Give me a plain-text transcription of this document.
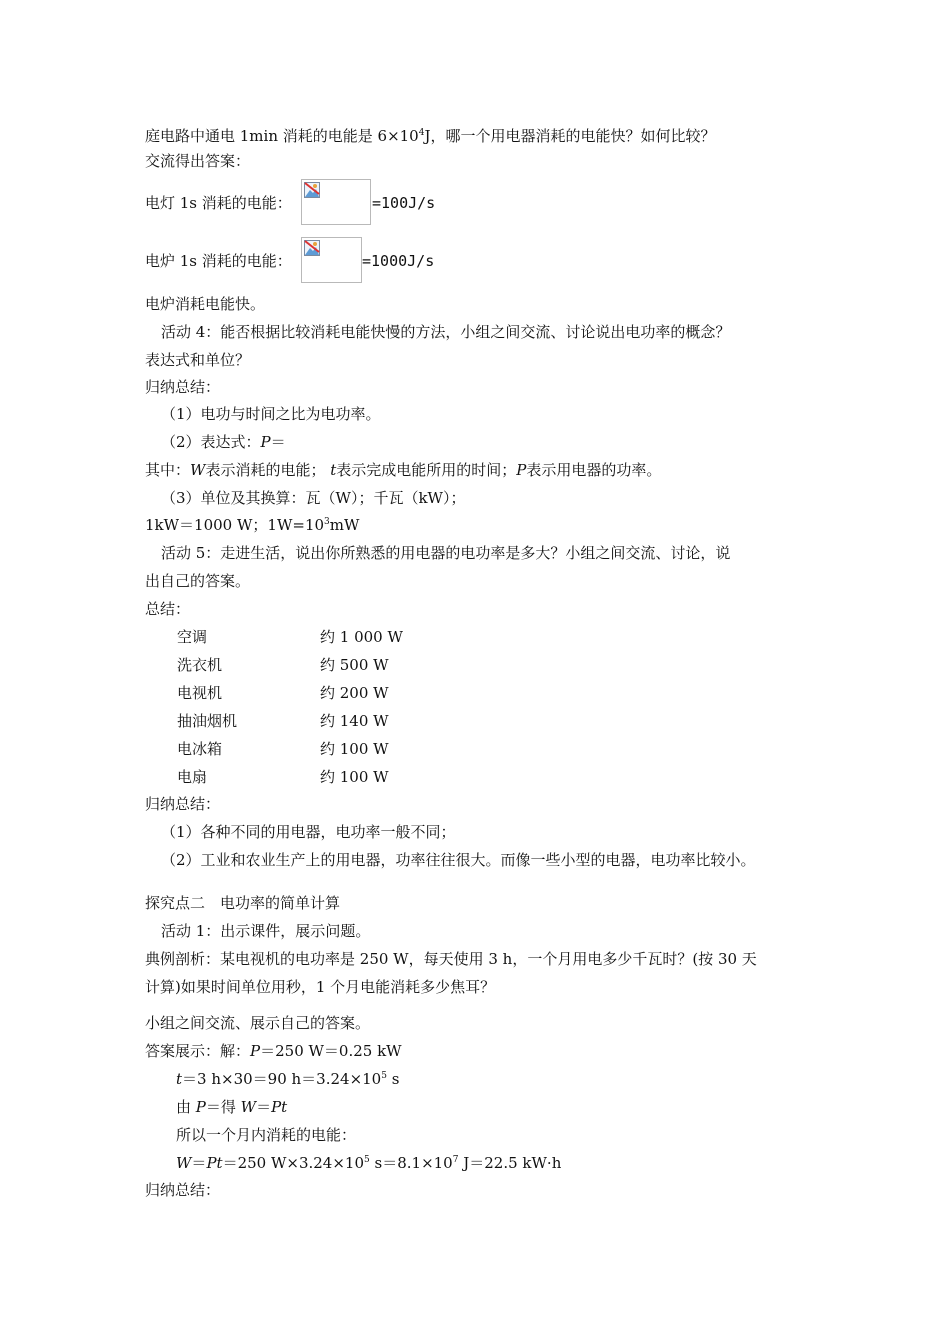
庭电路中通电 1min 消耗的电能是 $6\times 10^4J$，哪一个用电器消耗的电能快？如何比较？
交流得出答案：
电灯 1s 消耗的电能：	=100J/s
电炉 1s 消耗的电能：	=1000J/s
电炉消耗电能快。
活动 4：能否根据比较消耗电能快慢的方法，小组之间交流、讨论说出电功率的概念？
表达式和单位？
归纳总结：
（1）电功与时间之比为电功率。
（2）表达式：P＝
其中：W表示消耗的电能； t表示完成电能所用的时间；P表示用电器的功率。
（3）单位及其换算：瓦（W）；千瓦（kW）；
1kW＝1000 W；$1W=10^3mW$
活动 5：走进生活，说出你所熟悉的用电器的电功率是多大？小组之间交流、讨论，说
出自己的答案。
总结：
空调	约 1 000 W
洗衣机	约 500 W
电视机	约 200 W
抽油烟机	约 140 W
电冰箱	约 100 W
电扇	约 100 W
归纳总结：
（1）各种不同的用电器，电功率一般不同；
（2）工业和农业生产上的用电器，功率往往很大。而像一些小型的电器，电功率比较小。
探究点二　电功率的简单计算
活动 1：出示课件，展示问题。
典例剖析：某电视机的电功率是 250 W，每天使用 3 h，一个月用电多少千瓦时？(按 30 天
计算)如果时间单位用秒，1 个月电能消耗多少焦耳？
小组之间交流、展示自己的答案。
答案展示：解：P＝250 W＝0.25 kW
t＝3 h×30＝90 $h=3.24\times 10^5$ s
由 P＝得 W＝Pt
所以一个月内消耗的电能：
W＝Pt＝250 $W\times 3.24\times 10^5$ $s=8.1\times 10^7$ J＝22.5 kW·h
归纳总结：
